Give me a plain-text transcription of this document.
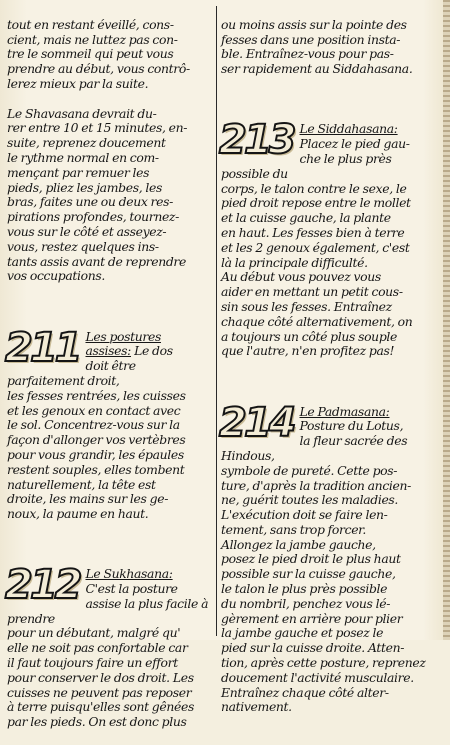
tout en restant éveillé, cons-
cient, mais ne luttez pas con-
tre le sommeil qui peut vous
prendre au début, vous contrô-
lerez mieux par la suite.

Le Shavasana devrait du-
rer entre 10 et 15 minutes, en-
suite, reprenez doucement
le rythme normal en com-
mençant par remuer les
pieds, pliez les jambes, les
bras, faites une ou deux res-
pirations profondes, tournez-
vous sur le côté et asseyez-
vous, restez quelques ins-
tants assis avant de reprendre
vos occupations.

211 Les postures
assises: Le dos
doit être parfaitement droit,
les fesses rentrées, les cuisses
et les genoux en contact avec
le sol. Concentrez-vous sur la
façon d'allonger vos vertèbres
pour vous grandir, les épaules
restent souples, elles tombent
naturellement, la tête est
droite, les mains sur les ge-
noux, la paume en haut.

212 Le Sukhasana:
C'est la posture
assise la plus facile à prendre
pour un débutant, malgré qu'
elle ne soit pas confortable car
il faut toujours faire un effort
pour conserver le dos droit. Les
cuisses ne peuvent pas reposer
à terre puisqu'elles sont gênées
par les pieds. On est donc plus

ou moins assis sur la pointe des
fesses dans une position insta-
ble. Entraînez-vous pour pas-
ser rapidement au Siddahasana.

213 Le Siddahasana:
Placez le pied gau-
che le plus près possible du
corps, le talon contre le sexe, le
pied droit repose entre le mollet
et la cuisse gauche, la plante
en haut. Les fesses bien à terre
et les 2 genoux également, c'est
là la principale difficulté.
Au début vous pouvez vous
aider en mettant un petit cous-
sin sous les fesses. Entraînez
chaque côté alternativement, on
a toujours un côté plus souple
que l'autre, n'en profitez pas!

214 Le Padmasana:
Posture du Lotus,
la fleur sacrée des Hindous,
symbole de pureté. Cette pos-
ture, d'après la tradition ancien-
ne, guérit toutes les maladies.
L'exécution doit se faire len-
tement, sans trop forcer.
Allongez la jambe gauche,
posez le pied droit le plus haut
possible sur la cuisse gauche,
le talon le plus près possible
du nombril, penchez vous lé-
gèrement en arrière pour plier
la jambe gauche et posez le
pied sur la cuisse droite. Atten-
tion, après cette posture, reprenez
doucement l'activité musculaire.
Entraînez chaque côté alter-
nativement.
